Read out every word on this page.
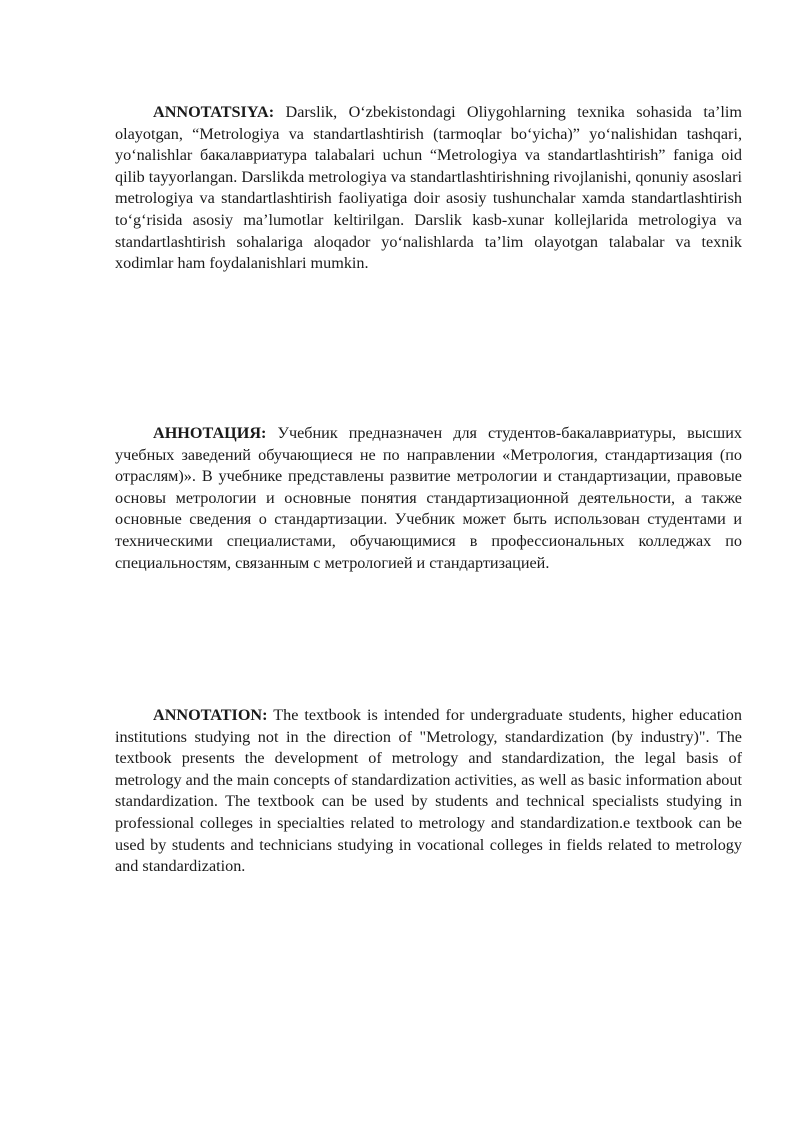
ANNOTATSIYA: Darslik, O‘zbekistondagi Oliygohlarning texnika sohasida ta’lim olayotgan, “Metrologiya va standartlashtirish (tarmoqlar bo‘yicha)” yo‘nalishidan tashqari, yo‘nalishlar бакалавриатура talabalari uchun “Metrologiya va standartlashtirish” faniga oid qilib tayyorlangan. Darslikda metrologiya va standartlashtirishning rivojlanishi, qonuniy asoslari metrologiya va standartlashtirish faoliyatiga doir asosiy tushunchalar xamda standartlashtirish to‘g‘risida asosiy ma’lumotlar keltirilgan. Darslik kasb-xunar kollejlarida metrologiya va standartlashtirish sohalariga aloqador yo‘nalishlarda ta’lim olayotgan talabalar va texnik xodimlar ham foydalanishlari mumkin.

АННОТАЦИЯ: Учебник предназначен для студентов-бакалавриатуры, высших учебных заведений обучающиеся не по направлении «Метрология, стандартизация (по отраслям)». В учебнике представлены развитие метрологии и стандартизации, правовые основы метрологии и основные понятия стандартизационной деятельности, а также основные сведения о стандартизации. Учебник может быть использован студентами и техническими специалистами, обучающимися в профессиональных колледжах по специальностям, связанным с метрологией и стандартизацией.

ANNOTATION: The textbook is intended for undergraduate students, higher education institutions studying not in the direction of "Metrology, standardization (by industry)". The textbook presents the development of metrology and standardization, the legal basis of metrology and the main concepts of standardization activities, as well as basic information about standardization. The textbook can be used by students and technical specialists studying in professional colleges in specialties related to metrology and standardization.e textbook can be used by students and technicians studying in vocational colleges in fields related to metrology and standardization.
